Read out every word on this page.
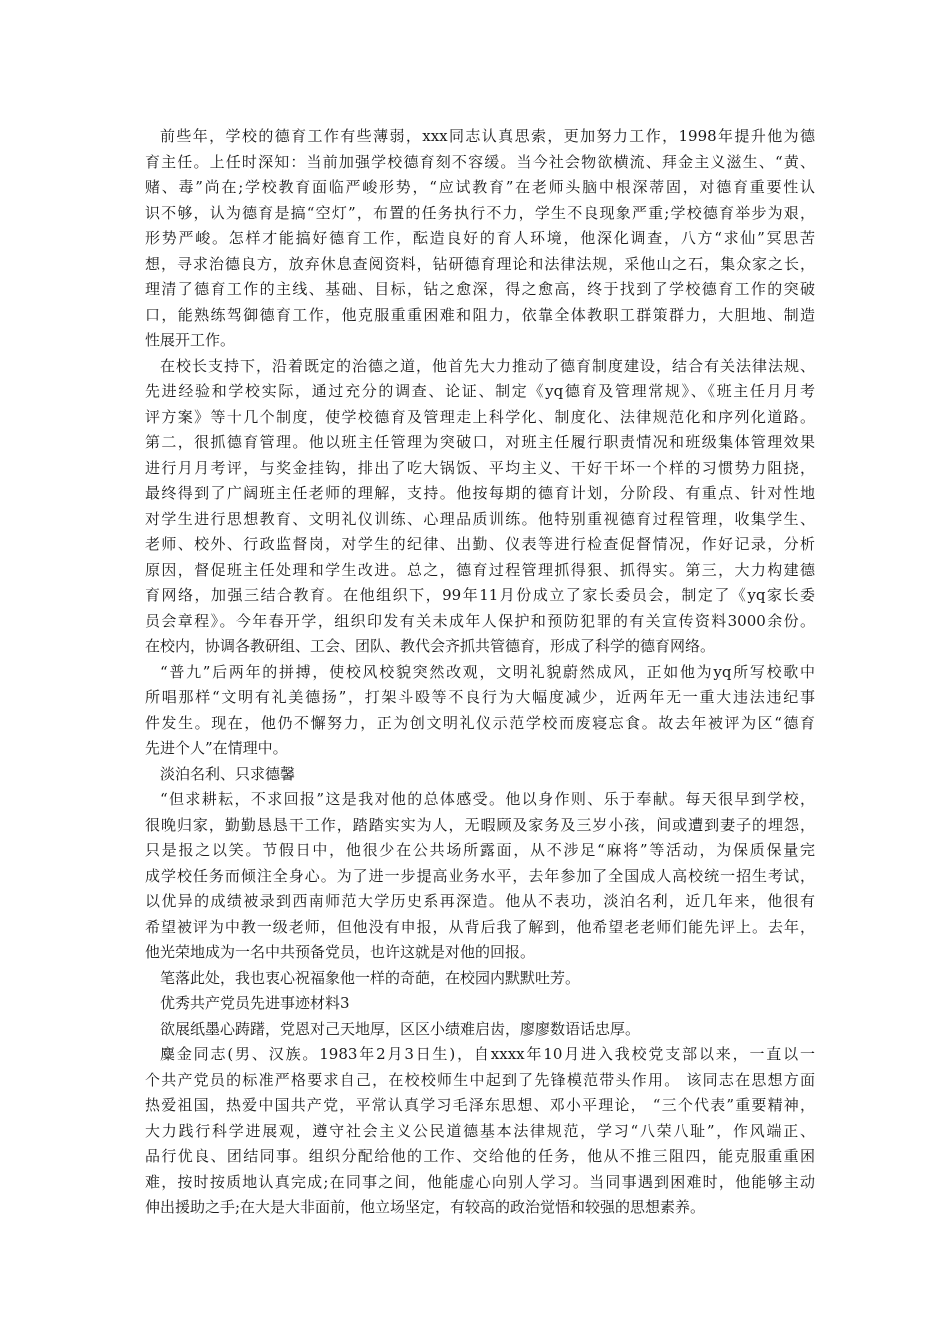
前些年，学校的德育工作有些薄弱，xxx同志认真思索，更加努力工作，1998年提升他为德
育主任。上任时深知：当前加强学校德育刻不容缓。当今社会物欲横流、拜金主义滋生、“黄、
赌、毒”尚在;学校教育面临严峻形势，“应试教育”在老师头脑中根深蒂固，对德育重要性认
识不够，认为德育是搞“空灯”，布置的任务执行不力，学生不良现象严重;学校德育举步为艰，
形势严峻。怎样才能搞好德育工作，酝造良好的育人环境，他深化调查，八方“求仙”冥思苦
想，寻求治德良方，放弃休息查阅资料，钻研德育理论和法律法规，采他山之石，集众家之长，
理清了德育工作的主线、基础、目标，钻之愈深，得之愈高，终于找到了学校德育工作的突破
口，能熟练驾御德育工作，他克服重重困难和阻力，依靠全体教职工群策群力，大胆地、制造
性展开工作。
在校长支持下，沿着既定的治德之道，他首先大力推动了德育制度建设，结合有关法律法规、
先进经验和学校实际，通过充分的调查、论证、制定《yq德育及管理常规》、《班主任月月考
评方案》等十几个制度，使学校德育及管理走上科学化、制度化、法律规范化和序列化道路。
第二，很抓德育管理。他以班主任管理为突破口，对班主任履行职责情况和班级集体管理效果
进行月月考评，与奖金挂钩，排出了吃大锅饭、平均主义、干好干坏一个样的习惯势力阻挠，
最终得到了广阔班主任老师的理解，支持。他按每期的德育计划，分阶段、有重点、针对性地
对学生进行思想教育、文明礼仪训练、心理品质训练。他特别重视德育过程管理，收集学生、
老师、校外、行政监督岗，对学生的纪律、出勤、仪表等进行检查促督情况，作好记录，分析
原因，督促班主任处理和学生改进。总之，德育过程管理抓得狠、抓得实。第三，大力构建德
育网络，加强三结合教育。在他组织下，99年11月份成立了家长委员会，制定了《yq家长委
员会章程》。今年春开学，组织印发有关未成年人保护和预防犯罪的有关宣传资料3000余份。
在校内，协调各教研组、工会、团队、教代会齐抓共管德育，形成了科学的德育网络。
“普九”后两年的拼搏，使校风校貌突然改观，文明礼貌蔚然成风，正如他为yq所写校歌中
所唱那样“文明有礼美德扬”，打架斗殴等不良行为大幅度减少，近两年无一重大违法违纪事
件发生。现在，他仍不懈努力，正为创文明礼仪示范学校而废寝忘食。故去年被评为区“德育
先进个人”在情理中。
淡泊名利、只求德馨
“但求耕耘，不求回报”这是我对他的总体感受。他以身作则、乐于奉献。每天很早到学校，
很晚归家，勤勤恳恳干工作，踏踏实实为人，无暇顾及家务及三岁小孩，间或遭到妻子的埋怨，
只是报之以笑。节假日中，他很少在公共场所露面，从不涉足“麻将”等活动，为保质保量完
成学校任务而倾注全身心。为了进一步提高业务水平，去年参加了全国成人高校统一招生考试，
以优异的成绩被录到西南师范大学历史系再深造。他从不表功，淡泊名利，近几年来，他很有
希望被评为中教一级老师，但他没有申报，从背后我了解到，他希望老老师们能先评上。去年，
他光荣地成为一名中共预备党员，也许这就是对他的回报。
笔落此处，我也衷心祝福象他一样的奇葩，在校园内默默吐芳。
优秀共产党员先进事迹材料3
欲展纸墨心踌躇，党恩对己天地厚，区区小绩难启齿，廖廖数语话忠厚。
麋金同志(男、汉族。1983年2月3日生)，自xxxx年10月进入我校党支部以来，一直以一
个共产党员的标准严格要求自己，在校校师生中起到了先锋模范带头作用。 该同志在思想方面
热爱祖国，热爱中国共产党，平常认真学习毛泽东思想、邓小平理论， “三个代表”重要精神，
大力践行科学进展观，遵守社会主义公民道德基本法律规范，学习“八荣八耻”，作风端正、
品行优良、团结同事。组织分配给他的工作、交给他的任务，他从不推三阻四，能克服重重困
难，按时按质地认真完成;在同事之间，他能虚心向别人学习。当同事遇到困难时，他能够主动
伸出援助之手;在大是大非面前，他立场坚定，有较高的政治觉悟和较强的思想素养。
